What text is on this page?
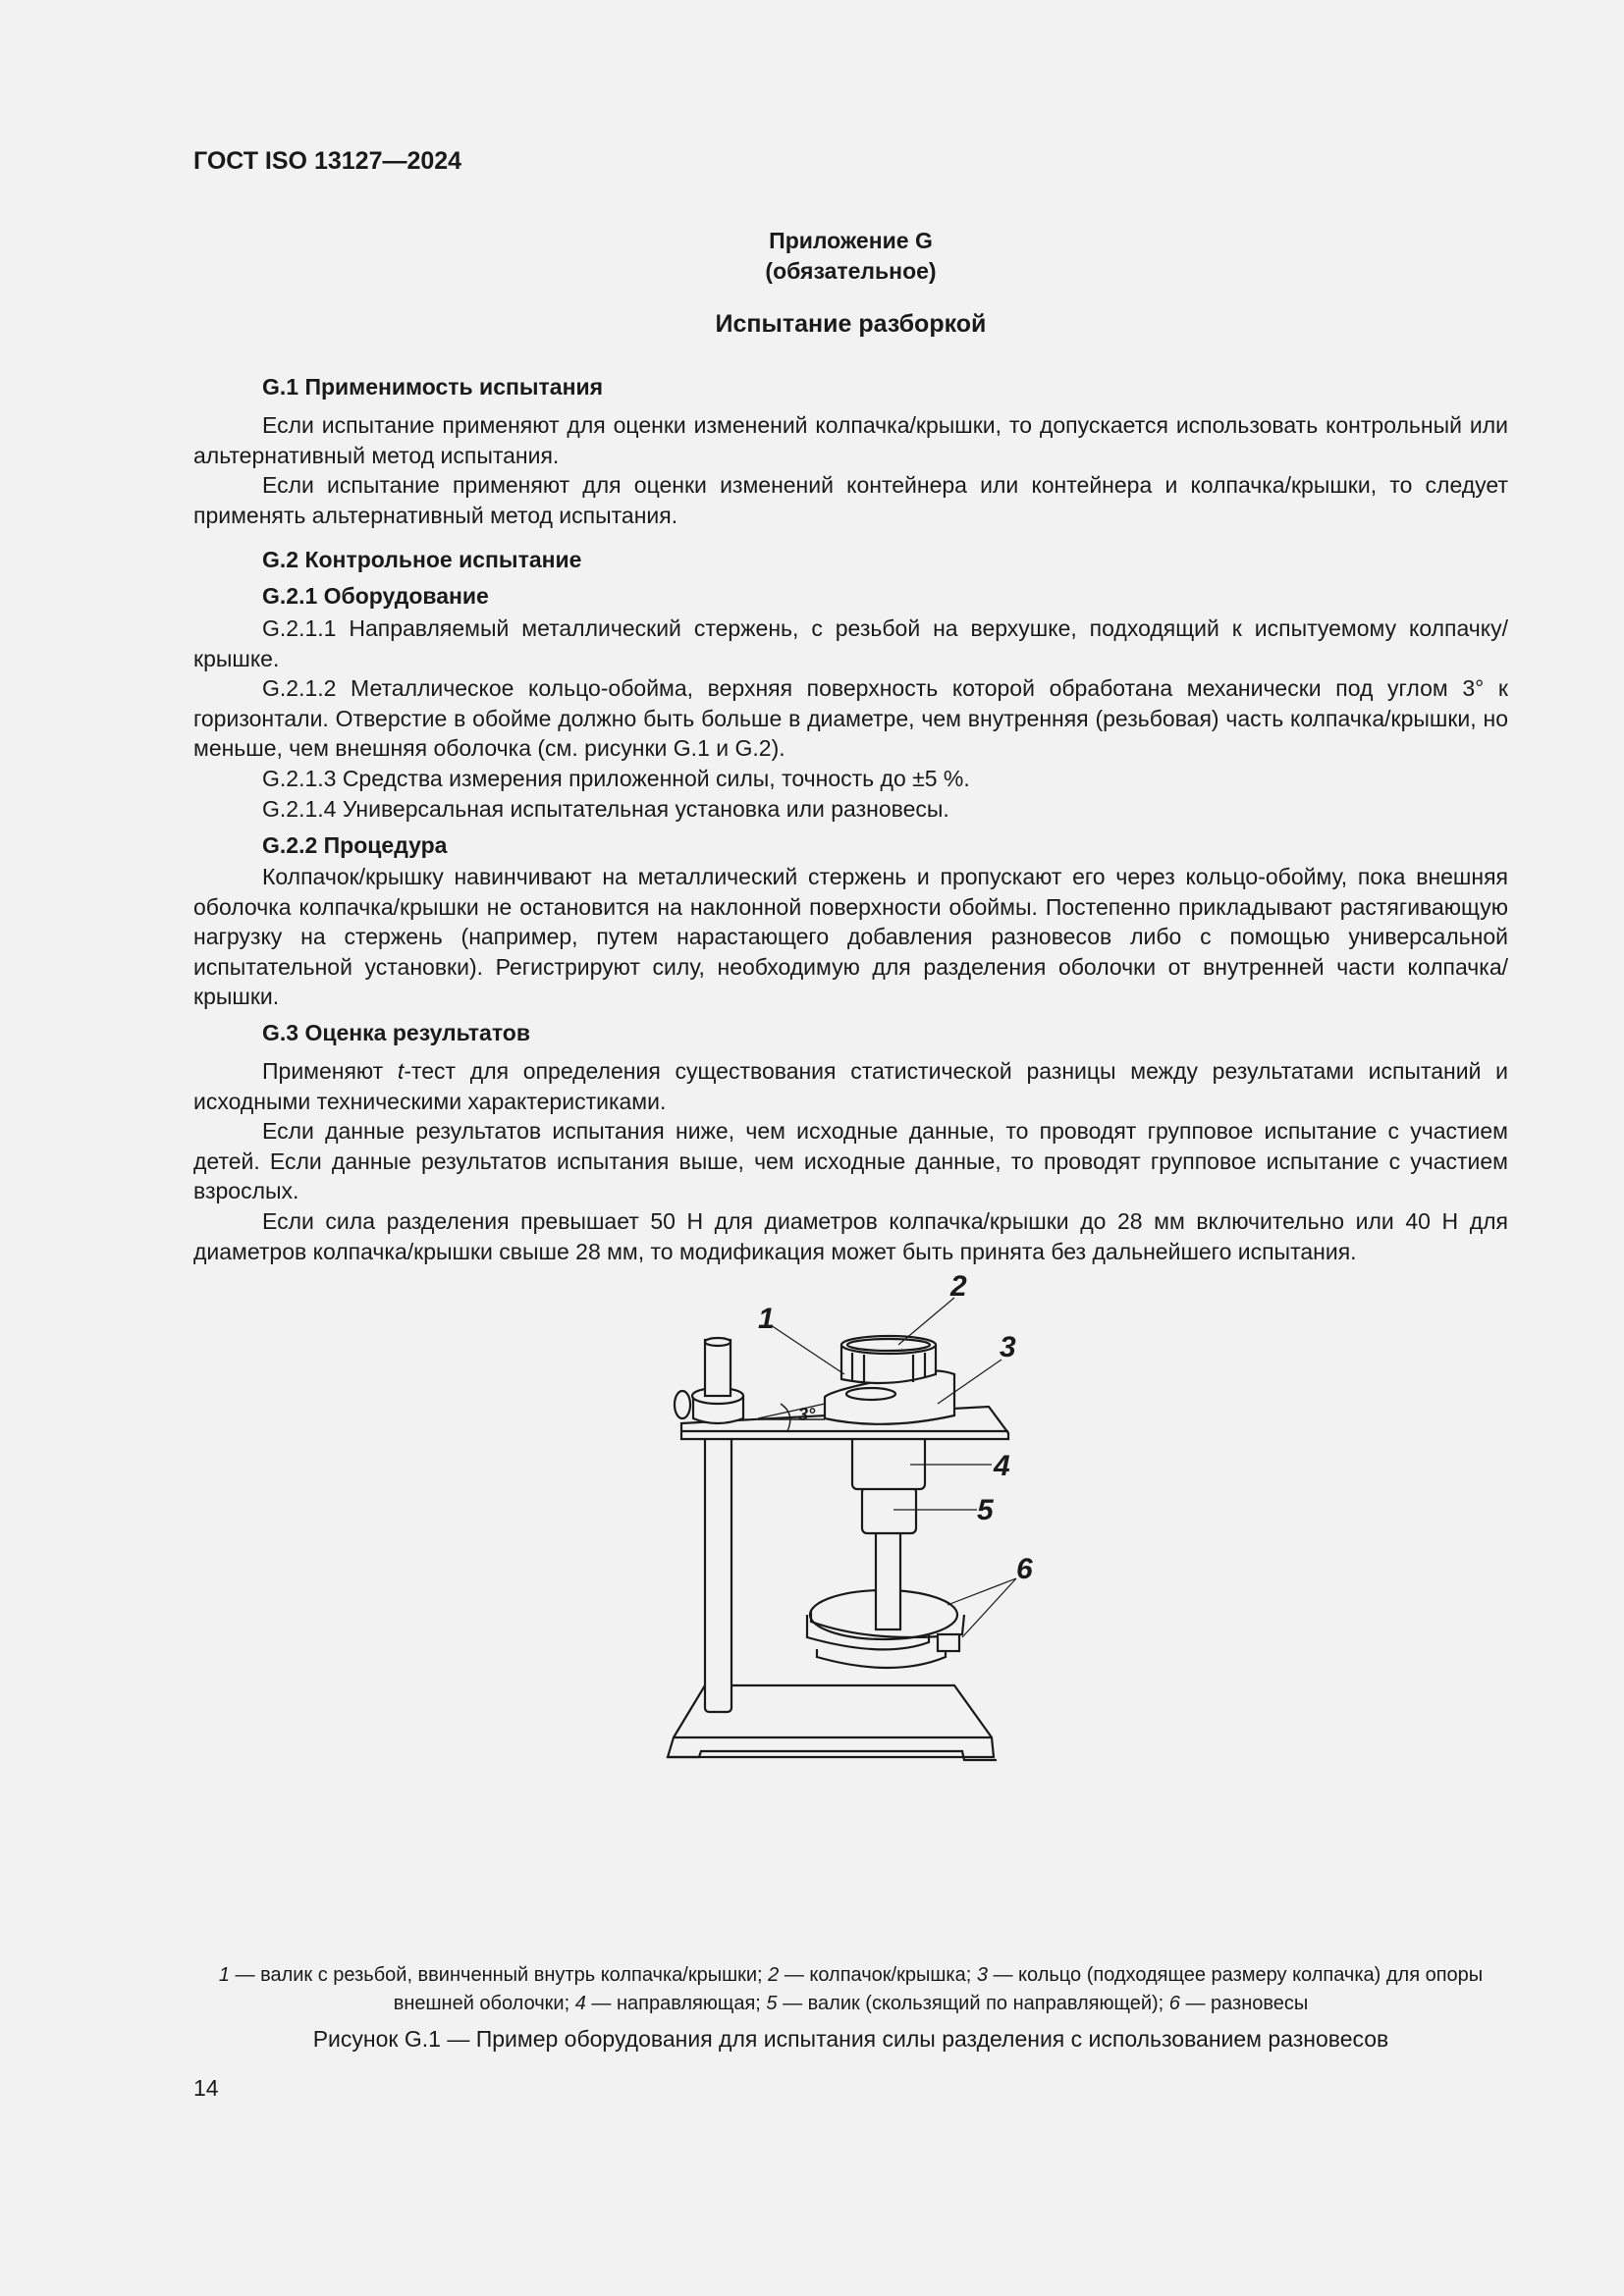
ГОСТ ISO 13127—2024
Приложение G
(обязательное)
Испытание разборкой
G.1 Применимость испытания

Если испытание применяют для оценки изменений колпачка/крышки, то допускается использовать контрольный или альтернативный метод испытания.

Если испытание применяют для оценки изменений контейнера или контейнера и колпачка/крышки, то следует применять альтернативный метод испытания.

G.2 Контрольное испытание
G.2.1 Оборудование

G.2.1.1 Направляемый металлический стержень, с резьбой на верхушке, подходящий к испытуемому колпачку/крышке.

G.2.1.2 Металлическое кольцо-обойма, верхняя поверхность которой обработана механически под углом 3° к горизонтали. Отверстие в обойме должно быть больше в диаметре, чем внутренняя (резьбовая) часть колпачка/крышки, но меньше, чем внешняя оболочка (см. рисунки G.1 и G.2).

G.2.1.3 Средства измерения приложенной силы, точность до ±5 %.

G.2.1.4 Универсальная испытательная установка или разновесы.

G.2.2 Процедура

Колпачок/крышку навинчивают на металлический стержень и пропускают его через кольцо-обойму, пока внешняя оболочка колпачка/крышки не остановится на наклонной поверхности обоймы. Постепенно прикладывают растягивающую нагрузку на стержень (например, путем нарастающего добавления разновесов либо с помощью универсальной испытательной установки). Регистрируют силу, необходимую для разделения оболочки от внутренней части колпачка/крышки.

G.3 Оценка результатов

Применяют t-тест для определения существования статистической разницы между результатами испытаний и исходными техническими характеристиками.

Если данные результатов испытания ниже, чем исходные данные, то проводят групповое испытание с участием детей. Если данные результатов испытания выше, чем исходные данные, то проводят групповое испытание с участием взрослых.

Если сила разделения превышает 50 Н для диаметров колпачка/крышки до 28 мм включительно или 40 Н для диаметров колпачка/крышки свыше 28 мм, то модификация может быть принята без дальнейшего испытания.

1
2
3
4
5
6
3°
1 — валик с резьбой, ввинченный внутрь колпачка/крышки; 2 — колпачок/крышка; 3 — кольцо (подходящее размеру колпачка) для опоры внешней оболочки; 4 — направляющая; 5 — валик (скользящий по направляющей); 6 — разновесы
Рисунок G.1 — Пример оборудования для испытания силы разделения с использованием разновесов
14
